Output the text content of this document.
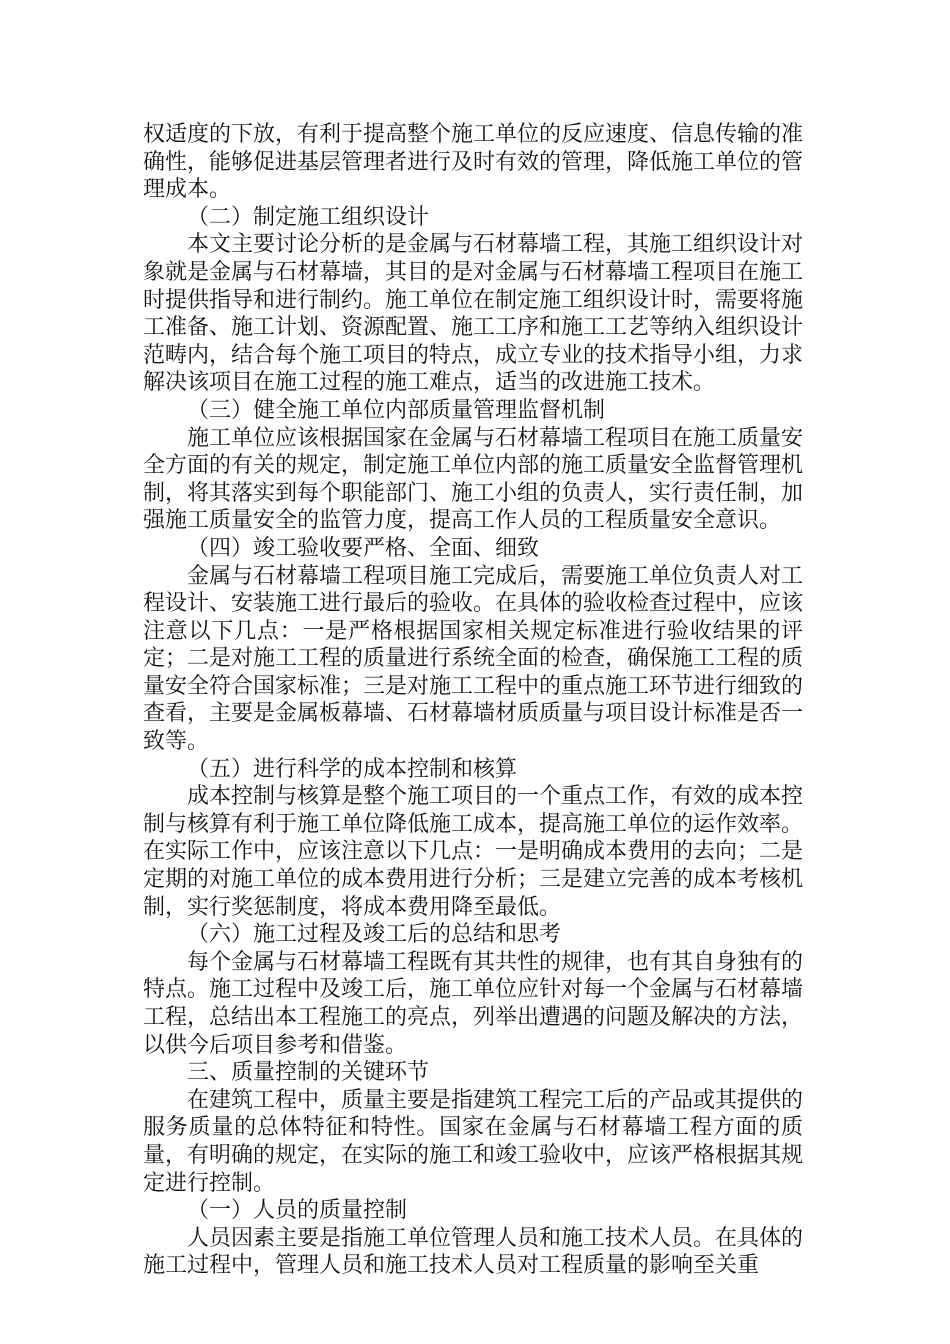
权适度的下放，有利于提高整个施工单位的反应速度、信息传输的准确性，能够促进基层管理者进行及时有效的管理，降低施工单位的管理成本。

（二）制定施工组织设计

本文主要讨论分析的是金属与石材幕墙工程，其施工组织设计对象就是金属与石材幕墙，其目的是对金属与石材幕墙工程项目在施工时提供指导和进行制约。施工单位在制定施工组织设计时，需要将施工准备、施工计划、资源配置、施工工序和施工工艺等纳入组织设计范畴内，结合每个施工项目的特点，成立专业的技术指导小组，力求解决该项目在施工过程的施工难点，适当的改进施工技术。

（三）健全施工单位内部质量管理监督机制

施工单位应该根据国家在金属与石材幕墙工程项目在施工质量安全方面的有关的规定，制定施工单位内部的施工质量安全监督管理机制，将其落实到每个职能部门、施工小组的负责人，实行责任制，加强施工质量安全的监管力度，提高工作人员的工程质量安全意识。

（四）竣工验收要严格、全面、细致

金属与石材幕墙工程项目施工完成后，需要施工单位负责人对工程设计、安装施工进行最后的验收。在具体的验收检查过程中，应该注意以下几点：一是严格根据国家相关规定标准进行验收结果的评定；二是对施工工程的质量进行系统全面的检查，确保施工工程的质量安全符合国家标准；三是对施工工程中的重点施工环节进行细致的查看，主要是金属板幕墙、石材幕墙材质质量与项目设计标准是否一致等。

（五）进行科学的成本控制和核算

成本控制与核算是整个施工项目的一个重点工作，有效的成本控制与核算有利于施工单位降低施工成本，提高施工单位的运作效率。在实际工作中，应该注意以下几点：一是明确成本费用的去向；二是定期的对施工单位的成本费用进行分析；三是建立完善的成本考核机制，实行奖惩制度，将成本费用降至最低。

（六）施工过程及竣工后的总结和思考

每个金属与石材幕墙工程既有其共性的规律，也有其自身独有的特点。施工过程中及竣工后，施工单位应针对每一个金属与石材幕墙工程，总结出本工程施工的亮点，列举出遭遇的问题及解决的方法，以供今后项目参考和借鉴。

三、质量控制的关键环节

在建筑工程中，质量主要是指建筑工程完工后的产品或其提供的服务质量的总体特征和特性。国家在金属与石材幕墙工程方面的质量，有明确的规定，在实际的施工和竣工验收中，应该严格根据其规定进行控制。

（一）人员的质量控制

人员因素主要是指施工单位管理人员和施工技术人员。在具体的施工过程中，管理人员和施工技术人员对工程质量的影响至关重
